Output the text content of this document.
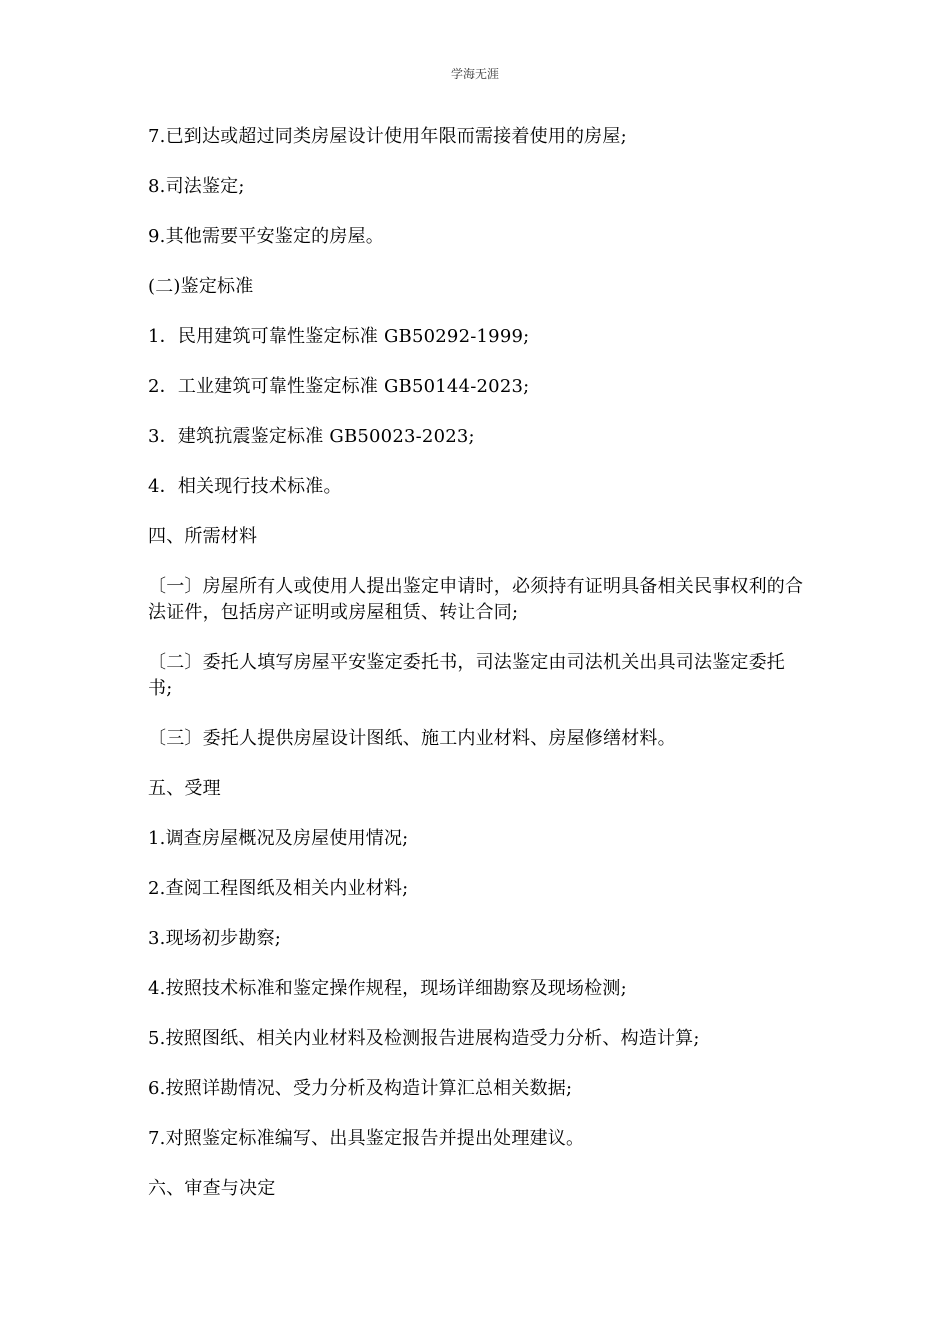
学海无涯

7.已到达或超过同类房屋设计使用年限而需接着使用的房屋;

8.司法鉴定;

9.其他需要平安鉴定的房屋。

(二)鉴定标准

1．民用建筑可靠性鉴定标准 GB50292-1999;

2．工业建筑可靠性鉴定标准 GB50144-2023;

3．建筑抗震鉴定标准 GB50023-2023;

4．相关现行技术标准。

四、所需材料

〔一〕房屋所有人或使用人提出鉴定申请时，必须持有证明具备相关民事权利的合法证件，包括房产证明或房屋租赁、转让合同;

〔二〕委托人填写房屋平安鉴定委托书，司法鉴定由司法机关出具司法鉴定委托书;

〔三〕委托人提供房屋设计图纸、施工内业材料、房屋修缮材料。

五、受理

1.调查房屋概况及房屋使用情况;

2.查阅工程图纸及相关内业材料;

3.现场初步勘察;

4.按照技术标准和鉴定操作规程，现场详细勘察及现场检测;

5.按照图纸、相关内业材料及检测报告进展构造受力分析、构造计算;

6.按照详勘情况、受力分析及构造计算汇总相关数据;

7.对照鉴定标准编写、出具鉴定报告并提出处理建议。

六、审查与决定
